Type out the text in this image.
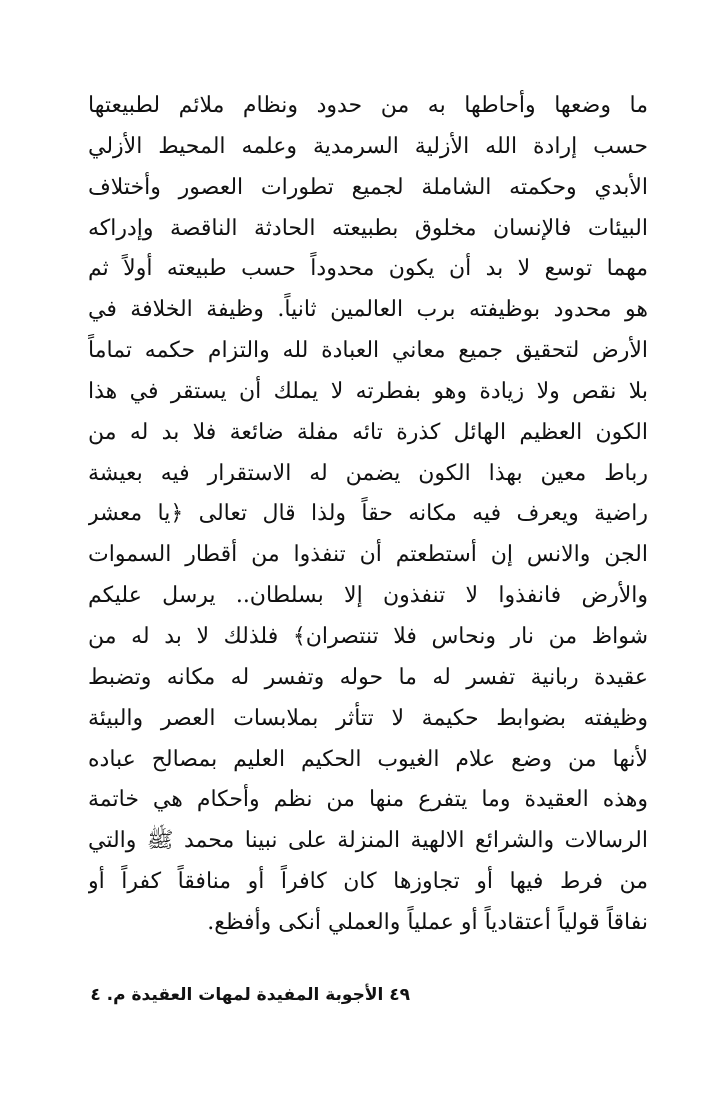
ما وضعها وأحاطها به من حدود ونظام ملائم لطبيعتها
حسب إرادة الله الأزلية السرمدية وعلمه المحيط الأزلي
الأبدي وحكمته الشاملة لجميع تطورات العصور وأختلاف
البيئات فالإنسان مخلوق بطبيعته الحادثة الناقصة وإدراكه
مهما توسع لا بد أن يكون محدوداً حسب طبيعته أولاً ثم
هو محدود بوظيفته برب العالمين ثانياً. وظيفة الخلافة في
الأرض لتحقيق جميع معاني العبادة لله والتزام حكمه تماماً
بلا نقص ولا زيادة وهو بفطرته لا يملك أن يستقر في هذا
الكون العظيم الهائل كذرة تائه مفلة ضائعة فلا بد له من
رباط معين بهذا الكون يضمن له الاستقرار فيه بعيشة
راضية ويعرف فيه مكانه حقاً ولذا قال تعالى ﴿يا معشر
الجن والانس إن أستطعتم أن تنفذوا من أقطار السموات
والأرض فانفذوا لا تنفذون إلا بسلطان.. يرسل عليكم
شواظ من نار ونحاس فلا تنتصران﴾ فلذلك لا بد له من
عقيدة ربانية تفسر له ما حوله وتفسر له مكانه وتضبط
وظيفته بضوابط حكيمة لا تتأثر بملابسات العصر والبيئة
لأنها من وضع علام الغيوب الحكيم العليم بمصالح عباده
وهذه العقيدة وما يتفرع منها من نظم وأحكام هي خاتمة
الرسالات والشرائع الالهية المنزلة على نبينا محمد ﷺ والتي
من فرط فيها أو تجاوزها كان كافراً أو منافقاً كفراً أو
نفاقاً قولياً أعتقادياً أو عملياً والعملي أنكى وأفظع.
٤٩ الأجوبة المفيدة لمهات العقيدة م. ٤
